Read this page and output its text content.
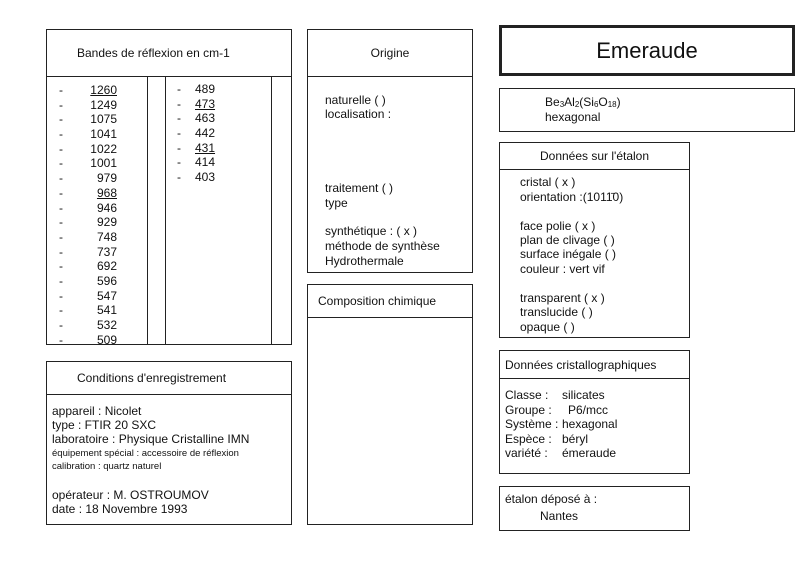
Bandes de réflexion en cm-1
-	1260
-	1249
-	1075
-	1041
-	1022
-	1001
-	979
-	968
-	946
-	929
-	748
-	737
-	692
-	596
-	547
-	541
-	532
-	509
-	489
-	473
-	463
-	442
-	431
-	414
-	403
Conditions d'enregistrement
appareil : Nicolet
type : FTIR 20 SXC
laboratoire : Physique Cristalline IMN
équipement spécial : accessoire de réflexion
calibration : quartz naturel
opérateur : M. OSTROUMOV
date : 18 Novembre 1993
Origine
naturelle ( )
localisation :
traitement ( )
type
synthétique : ( x )
méthode de synthèse
Hydrothermale
Composition chimique
Emeraude
$Be_3Al_2(Si_6O_{18})$
hexagonal
Données sur l'étalon
cristal ( x )
orientation :(1011̄0)
face polie ( x )
plan de clivage ( )
surface inégale ( )
couleur : vert vif
transparent ( x )
translucide ( )
opaque ( )
Données cristallographiques
Classe : silicates
Groupe : P6/mcc
Système : hexagonal
Espèce : béryl
variété : émeraude
étalon déposé à :
Nantes
